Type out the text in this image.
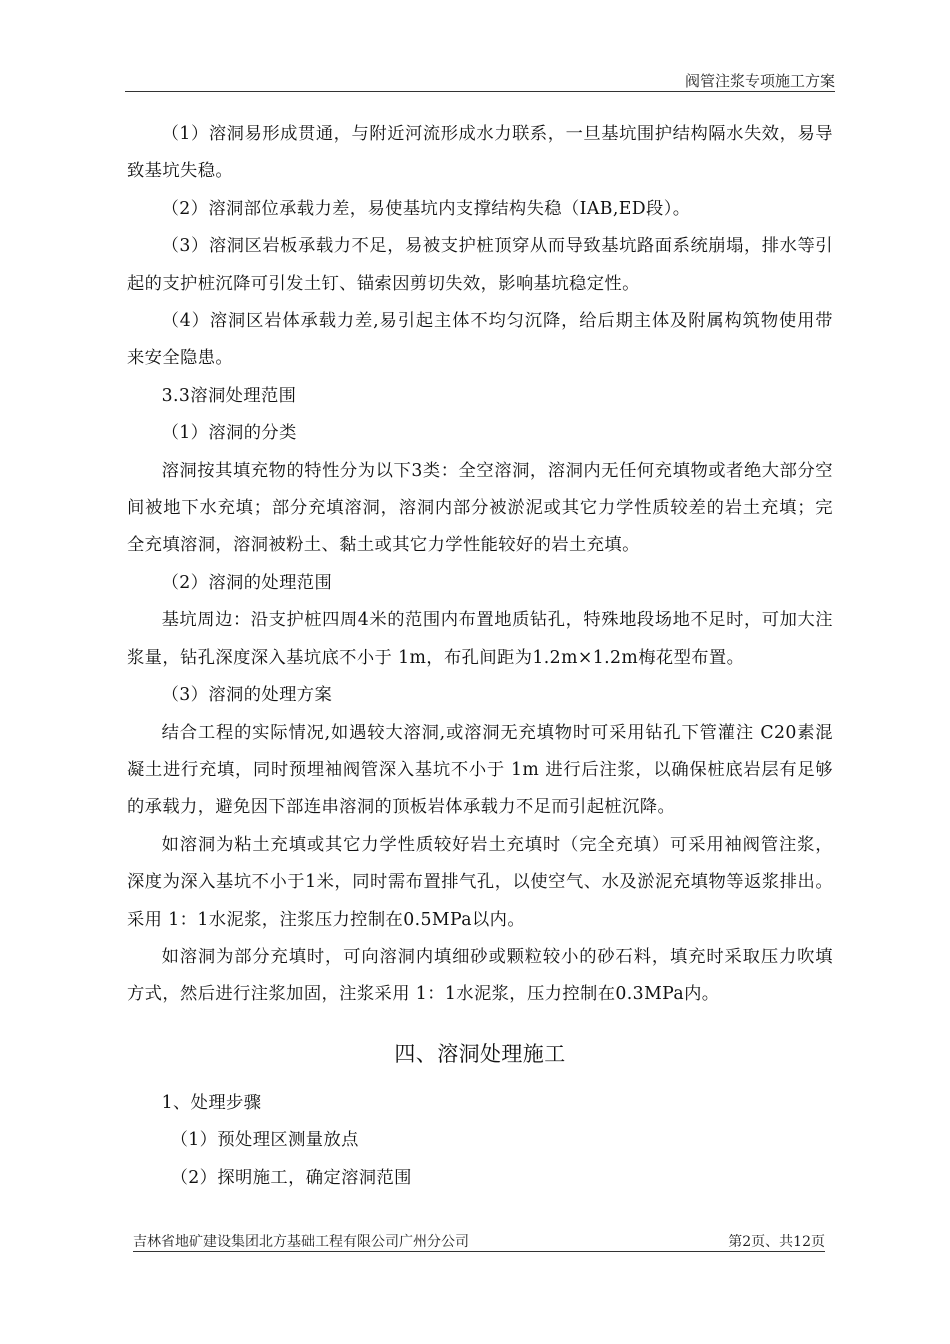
阀管注浆专项施工方案

（1）溶洞易形成贯通，与附近河流形成水力联系，一旦基坑围护结构隔水失效，易导致基坑失稳。

（2）溶洞部位承载力差，易使基坑内支撑结构失稳（IAB,ED段）。

（3）溶洞区岩板承载力不足，易被支护桩顶穿从而导致基坑路面系统崩塌，排水等引起的支护桩沉降可引发土钉、锚索因剪切失效，影响基坑稳定性。

（4）溶洞区岩体承载力差,易引起主体不均匀沉降，给后期主体及附属构筑物使用带来安全隐患。

3.3溶洞处理范围

（1）溶洞的分类

溶洞按其填充物的特性分为以下3类：全空溶洞，溶洞内无任何充填物或者绝大部分空间被地下水充填；部分充填溶洞，溶洞内部分被淤泥或其它力学性质较差的岩土充填；完全充填溶洞，溶洞被粉土、黏土或其它力学性能较好的岩土充填。

（2）溶洞的处理范围

基坑周边：沿支护桩四周4米的范围内布置地质钻孔，特殊地段场地不足时，可加大注浆量，钻孔深度深入基坑底不小于 1m，布孔间距为1.2m×1.2m梅花型布置。

（3）溶洞的处理方案

结合工程的实际情况,如遇较大溶洞,或溶洞无充填物时可采用钻孔下管灌注 C20素混凝土进行充填，同时预埋袖阀管深入基坑不小于 1m 进行后注浆，以确保桩底岩层有足够的承载力，避免因下部连串溶洞的顶板岩体承载力不足而引起桩沉降。

如溶洞为粘土充填或其它力学性质较好岩土充填时（完全充填）可采用袖阀管注浆，深度为深入基坑不小于1米，同时需布置排气孔，以使空气、水及淤泥充填物等返浆排出。采用 1：1水泥浆，注浆压力控制在0.5MPa以内。

如溶洞为部分充填时，可向溶洞内填细砂或颗粒较小的砂石料，填充时采取压力吹填方式，然后进行注浆加固，注浆采用 1：1水泥浆，压力控制在0.3MPa内。

四、溶洞处理施工

1、处理步骤

（1）预处理区测量放点

（2）探明施工，确定溶洞范围

吉林省地矿建设集团北方基础工程有限公司广州分公司	第2页、共12页
